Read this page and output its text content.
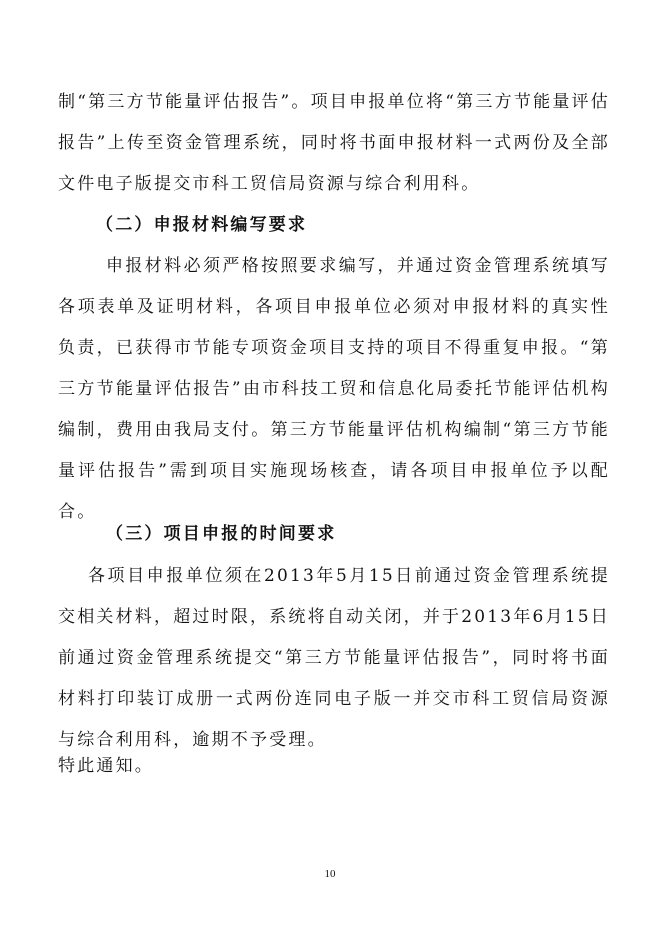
制“第三方节能量评估报告”。项目申报单位将“第三方节能量评估报告”上传至资金管理系统，同时将书面申报材料一式两份及全部文件电子版提交市科工贸信局资源与综合利用科。

（二）申报材料编写要求

申报材料必须严格按照要求编写，并通过资金管理系统填写各项表单及证明材料，各项目申报单位必须对申报材料的真实性负责，已获得市节能专项资金项目支持的项目不得重复申报。“第三方节能量评估报告”由市科技工贸和信息化局委托节能评估机构编制，费用由我局支付。第三方节能量评估机构编制“第三方节能量评估报告”需到项目实施现场核查，请各项目申报单位予以配合。

（三）项目申报的时间要求

各项目申报单位须在2013年5月15日前通过资金管理系统提交相关材料，超过时限，系统将自动关闭，并于2013年6月15日前通过资金管理系统提交“第三方节能量评估报告”，同时将书面材料打印装订成册一式两份连同电子版一并交市科工贸信局资源与综合利用科，逾期不予受理。

特此通知。

10
